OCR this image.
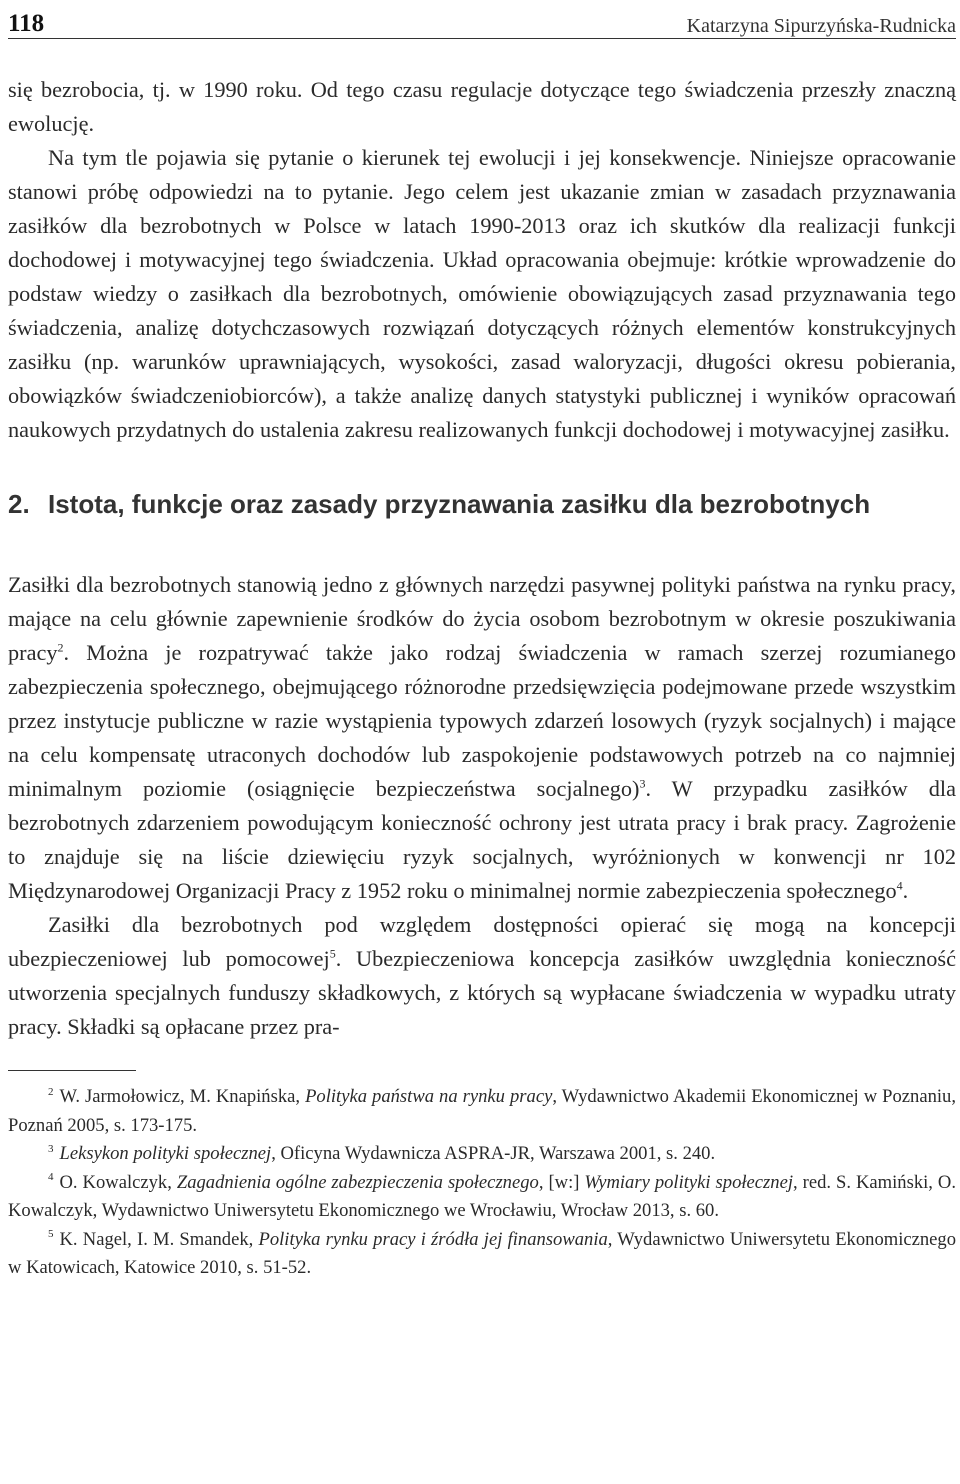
118	Katarzyna Sipurzyńska-Rudnicka

się bezrobocia, tj. w 1990 roku. Od tego czasu regulacje dotyczące tego świadczenia przeszły znaczną ewolucję.

Na tym tle pojawia się pytanie o kierunek tej ewolucji i jej konsekwencje. Niniejsze opracowanie stanowi próbę odpowiedzi na to pytanie. Jego celem jest ukazanie zmian w zasadach przyznawania zasiłków dla bezrobotnych w Polsce w latach 1990-2013 oraz ich skutków dla realizacji funkcji dochodowej i motywacyjnej tego świadczenia. Układ opracowania obejmuje: krótkie wprowadzenie do podstaw wiedzy o zasiłkach dla bezrobotnych, omówienie obowiązujących zasad przyznawania tego świadczenia, analizę dotychczasowych rozwiązań dotyczących różnych elementów konstrukcyjnych zasiłku (np. warunków uprawniających, wysokości, zasad waloryzacji, długości okresu pobierania, obowiązków świadczeniobiorców), a także analizę danych statystyki publicznej i wyników opracowań naukowych przydatnych do ustalenia zakresu realizowanych funkcji dochodowej i motywacyjnej zasiłku.

2. Istota, funkcje oraz zasady przyznawania zasiłku dla bezrobotnych

Zasiłki dla bezrobotnych stanowią jedno z głównych narzędzi pasywnej polityki państwa na rynku pracy, mające na celu głównie zapewnienie środków do życia osobom bezrobotnym w okresie poszukiwania pracy$^2$. Można je rozpatrywać także jako rodzaj świadczenia w ramach szerzej rozumianego zabezpieczenia społecznego, obejmującego różnorodne przedsięwzięcia podejmowane przede wszystkim przez instytucje publiczne w razie wystąpienia typowych zdarzeń losowych (ryzyk socjalnych) i mające na celu kompensatę utraconych dochodów lub zaspokojenie podstawowych potrzeb na co najmniej minimalnym poziomie (osiągnięcie bezpieczeństwa socjalnego)$^3$. W przypadku zasiłków dla bezrobotnych zdarzeniem powodującym konieczność ochrony jest utrata pracy i brak pracy. Zagrożenie to znajduje się na liście dziewięciu ryzyk socjalnych, wyróżnionych w konwencji nr 102 Międzynarodowej Organizacji Pracy z 1952 roku o minimalnej normie zabezpieczenia społecznego$^4$.

Zasiłki dla bezrobotnych pod względem dostępności opierać się mogą na koncepcji ubezpieczeniowej lub pomocowej$^5$. Ubezpieczeniowa koncepcja zasiłków uwzględnia konieczność utworzenia specjalnych funduszy składkowych, z których są wypłacane świadczenia w wypadku utraty pracy. Składki są opłacane przez pra-

$^2$ W. Jarmołowicz, M. Knapińska, Polityka państwa na rynku pracy, Wydawnictwo Akademii Ekonomicznej w Poznaniu, Poznań 2005, s. 173-175.

$^3$ Leksykon polityki społecznej, Oficyna Wydawnicza ASPRA-JR, Warszawa 2001, s. 240.

$^4$ O. Kowalczyk, Zagadnienia ogólne zabezpieczenia społecznego, [w:] Wymiary polityki społecznej, red. S. Kamiński, O. Kowalczyk, Wydawnictwo Uniwersytetu Ekonomicznego we Wrocławiu, Wrocław 2013, s. 60.

$^5$ K. Nagel, I. M. Smandek, Polityka rynku pracy i źródła jej finansowania, Wydawnictwo Uniwersytetu Ekonomicznego w Katowicach, Katowice 2010, s. 51-52.
